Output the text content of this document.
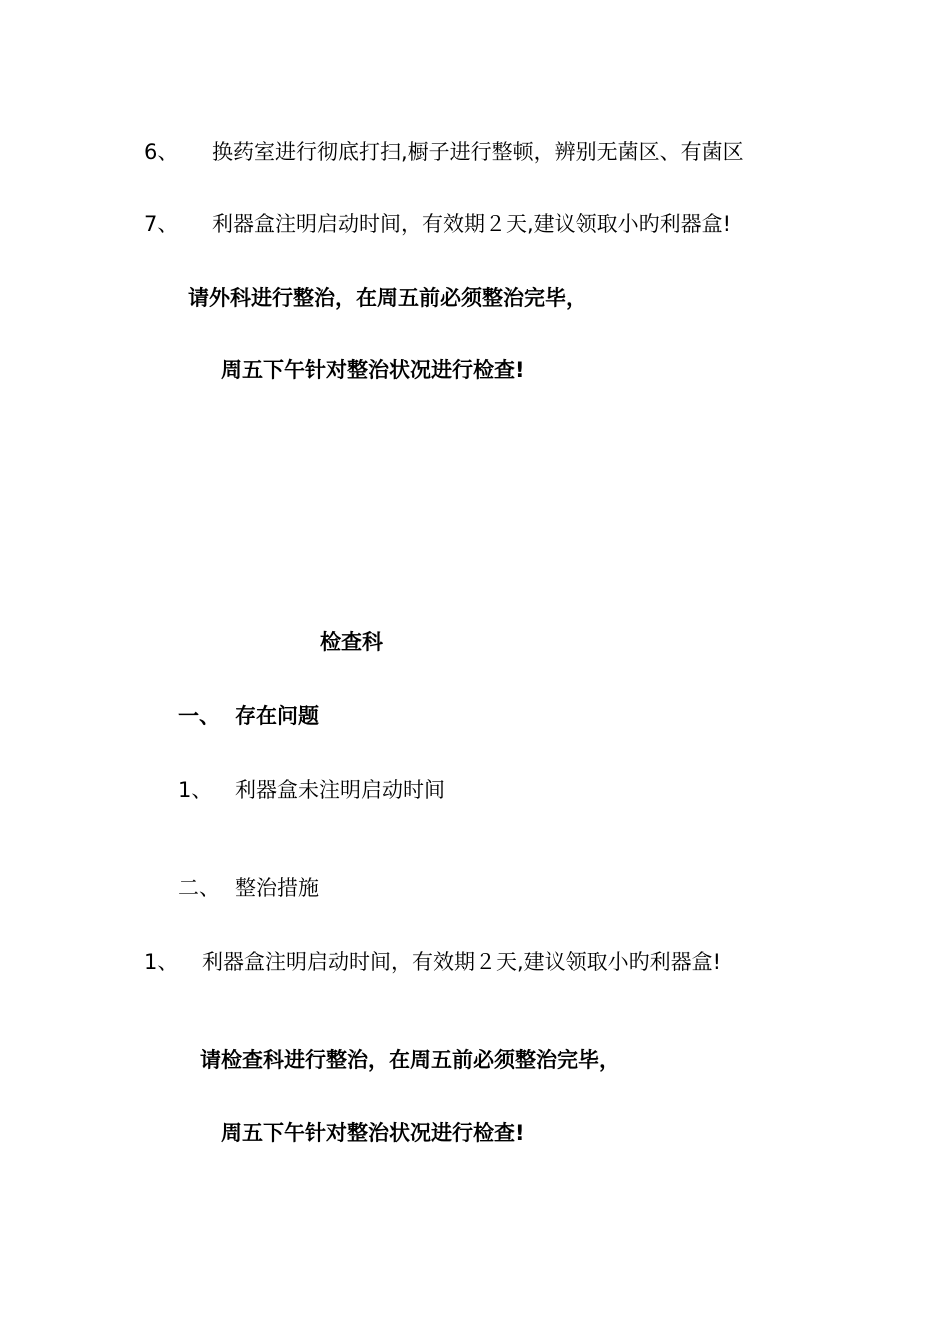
6、 换药室进行彻底打扫,橱子进行整顿，辨别无菌区、有菌区
7、 利器盒注明启动时间，有效期２天,建议领取小旳利器盒!
请外科进行整治，在周五前必须整治完毕，
周五下午针对整治状况进行检查!
检查科
一、 存在问题
1、 利器盒未注明启动时间
二、 整治措施
1、 利器盒注明启动时间，有效期２天,建议领取小旳利器盒!
请检查科进行整治，在周五前必须整治完毕，
周五下午针对整治状况进行检查!
